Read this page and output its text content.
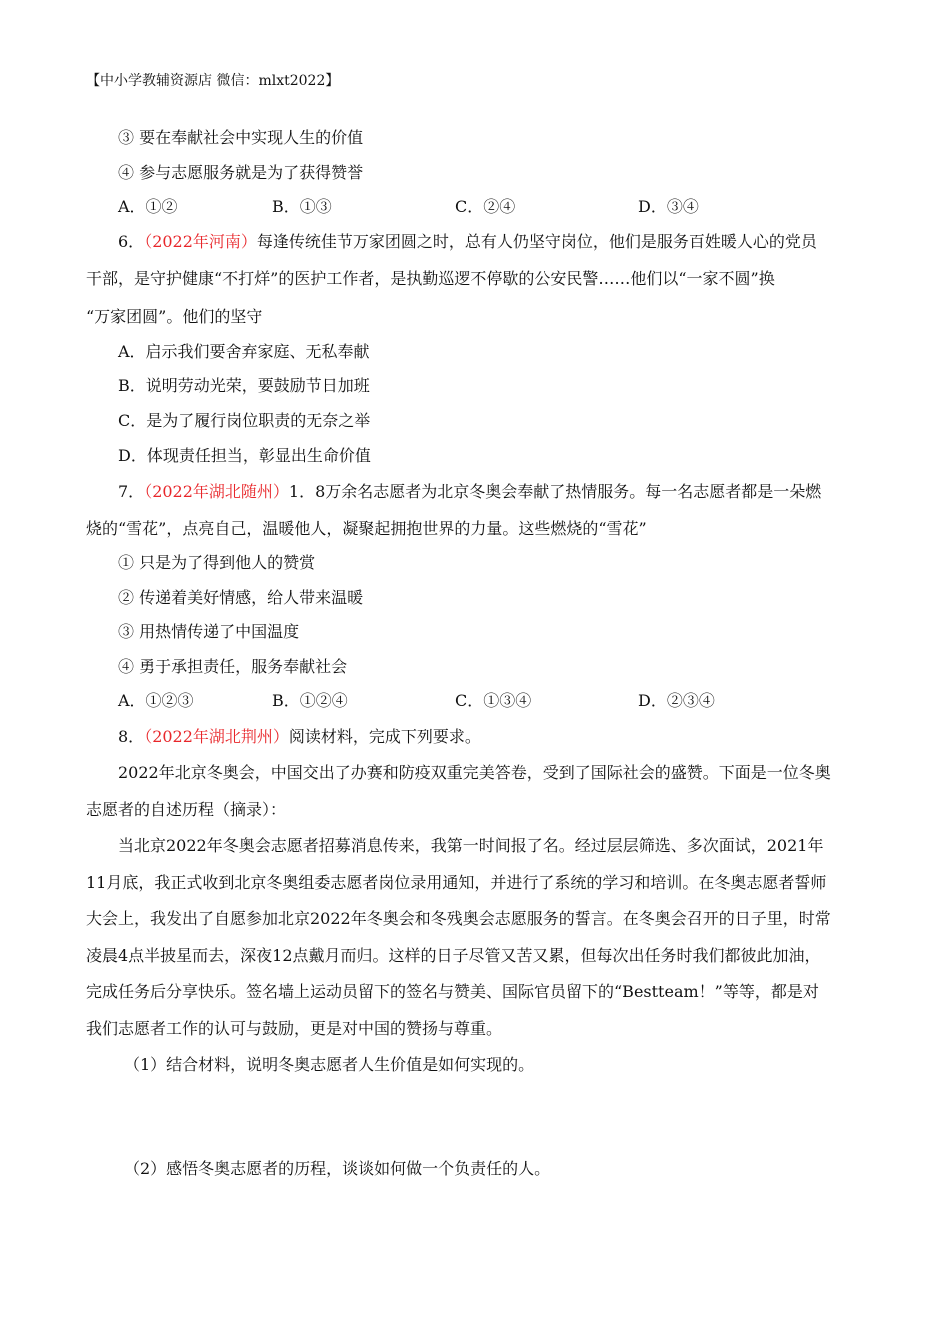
【中小学教辅资源店 微信：mlxt2022】
③ 要在奉献社会中实现人生的价值
④ 参与志愿服务就是为了获得赞誉
A．①②	B．①③	C．②④	D．③④
6．（2022年河南）每逢传统佳节万家团圆之时，总有人仍坚守岗位，他们是服务百姓暖人心的党员
干部，是守护健康“不打烊”的医护工作者，是执勤巡逻不停歇的公安民警……他们以“一家不圆”换
“万家团圆”。他们的坚守
A．启示我们要舍弃家庭、无私奉献
B．说明劳动光荣，要鼓励节日加班
C．是为了履行岗位职责的无奈之举
D．体现责任担当，彰显出生命价值
7．（2022年湖北随州）1．8万余名志愿者为北京冬奥会奉献了热情服务。每一名志愿者都是一朵燃
烧的“雪花”，点亮自己，温暖他人，凝聚起拥抱世界的力量。这些燃烧的“雪花”
① 只是为了得到他人的赞赏
② 传递着美好情感，给人带来温暖
③ 用热情传递了中国温度
④ 勇于承担责任，服务奉献社会
A．①②③	B．①②④	C．①③④	D．②③④
8．（2022年湖北荆州）阅读材料，完成下列要求。
2022年北京冬奥会，中国交出了办赛和防疫双重完美答卷，受到了国际社会的盛赞。下面是一位冬奥
志愿者的自述历程（摘录）：
当北京2022年冬奥会志愿者招募消息传来，我第一时间报了名。经过层层筛选、多次面试，2021年
11月底，我正式收到北京冬奥组委志愿者岗位录用通知，并进行了系统的学习和培训。在冬奥志愿者誓师
大会上，我发出了自愿参加北京2022年冬奥会和冬残奥会志愿服务的誓言。在冬奥会召开的日子里，时常
凌晨4点半披星而去，深夜12点戴月而归。这样的日子尽管又苦又累，但每次出任务时我们都彼此加油，
完成任务后分享快乐。签名墙上运动员留下的签名与赞美、国际官员留下的“Bestteam！”等等，都是对
我们志愿者工作的认可与鼓励，更是对中国的赞扬与尊重。
（1）结合材料，说明冬奥志愿者人生价值是如何实现的。
（2）感悟冬奥志愿者的历程，谈谈如何做一个负责任的人。
